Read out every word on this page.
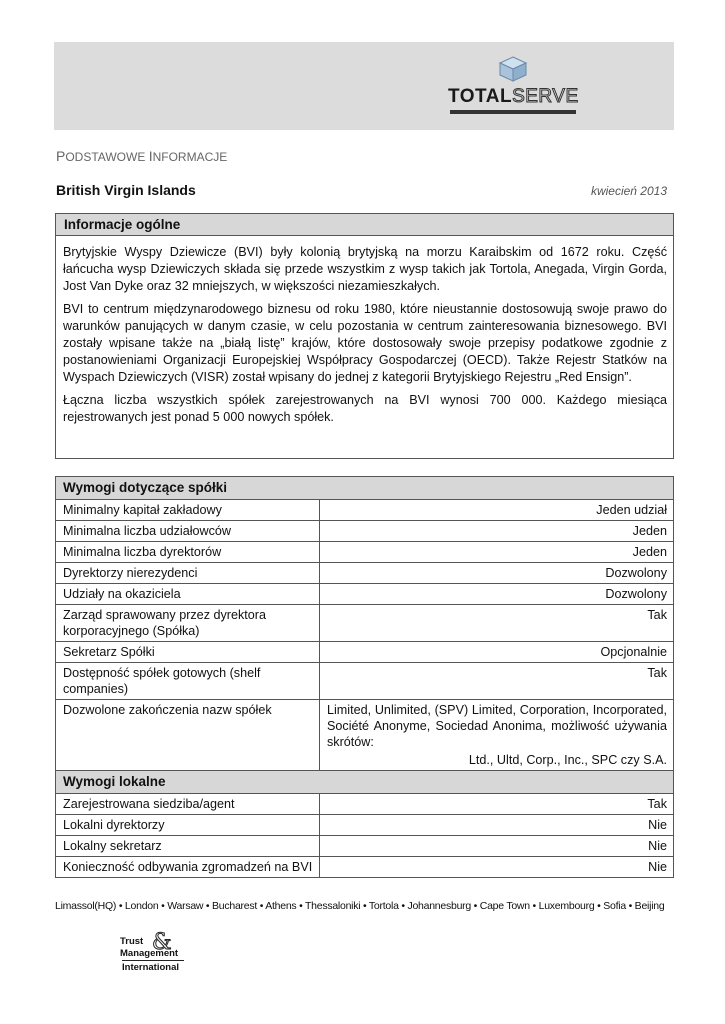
TOTALSERVE
PODSTAWOWE INFORMACJE
British Virgin Islands	kwiecień 2013
Informacje ogólne

Brytyjskie Wyspy Dziewicze (BVI) były kolonią brytyjską na morzu Karaibskim od 1672 roku. Część łańcucha wysp Dziewiczych składa się przede wszystkim z wysp takich jak Tortola, Anegada, Virgin Gorda, Jost Van Dyke oraz 32 mniejszych, w większości niezamieszkałych.

BVI to centrum międzynarodowego biznesu od roku 1980, które nieustannie dostosowują swoje prawo do warunków panujących w danym czasie, w celu pozostania w centrum zainteresowania biznesowego. BVI zostały wpisane także na „białą listę” krajów, które dostosowały swoje przepisy podatkowe zgodnie z postanowieniami Organizacji Europejskiej Współpracy Gospodarczej (OECD). Także Rejestr Statków na Wyspach Dziewiczych (VISR) został wpisany do jednej z kategorii Brytyjskiego Rejestru „Red Ensign”.

Łączna liczba wszystkich spółek zarejestrowanych na BVI wynosi 700 000. Każdego miesiąca rejestrowanych jest ponad 5 000 nowych spółek.

Wymogi dotyczące spółki	
Minimalny kapitał zakładowy	Jeden udział
Minimalna liczba udziałowców	Jeden
Minimalna liczba dyrektorów	Jeden
Dyrektorzy nierezydenci	Dozwolony
Udziały na okaziciela	Dozwolony
Zarząd sprawowany przez dyrektora korporacyjnego (Spółka)	Tak
Sekretarz Spółki	Opcjonalnie
Dostępność spółek gotowych (shelf companies)	Tak
Dozwolone zakończenia nazw spółek	Limited, Unlimited, (SPV) Limited, Corporation, Incorporated, Société Anonyme, Sociedad Anonima, możliwość używania skrótów:
Ltd., Ultd, Corp., Inc., SPC czy S.A.

Wymogi lokalne	
Zarejestrowana siedziba/agent	Tak
Lokalni dyrektorzy	Nie
Lokalny sekretarz	Nie
Konieczność odbywania zgromadzeń na BVI	Nie
Limassol(HQ) • London • Warsaw • Bucharest • Athens • Thessaloniki • Tortola • Johannesburg • Cape Town • Luxembourg • Sofia • Beijing
&
Trust
Management
International
